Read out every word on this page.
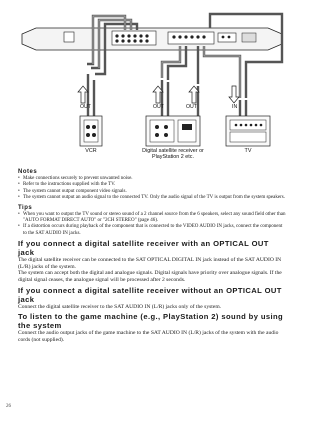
OUT	OUT	OUT	IN
VCR	Digital satellite receiver or
PlayStation 2 etc.
TV

Notes

• Make connections securely to prevent unwanted noise.
• Refer to the instructions supplied with the TV.
• The system cannot output component video signals.
• The system cannot output an audio signal to the connected TV. Only the audio signal of the TV is output from the system speakers.

Tips

• When you want to output the TV sound or stereo sound of a 2 channel source from the 6 speakers, select any sound field other than "AUTO FORMAT DIRECT AUTO" or "2CH STEREO" (page 46).
• If a distortion occurs during playback of the component that is connected to the VIDEO AUDIO IN jacks, connect the component to the SAT AUDIO IN jacks.
If you connect a digital satellite receiver with an OPTICAL OUT jack

The digital satellite receiver can be connected to the SAT OPTICAL DIGITAL IN jack instead of the SAT AUDIO IN (L/R) jacks of the system.

The system can accept both the digital and analogue signals. Digital signals have priority over analogue signals. If the digital signal ceases, the analogue signal will be processed after 2 seconds.

If you connect a digital satellite receiver without an OPTICAL OUT jack

Connect the digital satellite receiver to the SAT AUDIO IN (L/R) jacks only of the system.

To listen to the game machine (e.g., PlayStation 2) sound by using the system

Connect the audio output jacks of the game machine to the SAT AUDIO IN (L/R) jacks of the system with the audio cords (not supplied).

26
